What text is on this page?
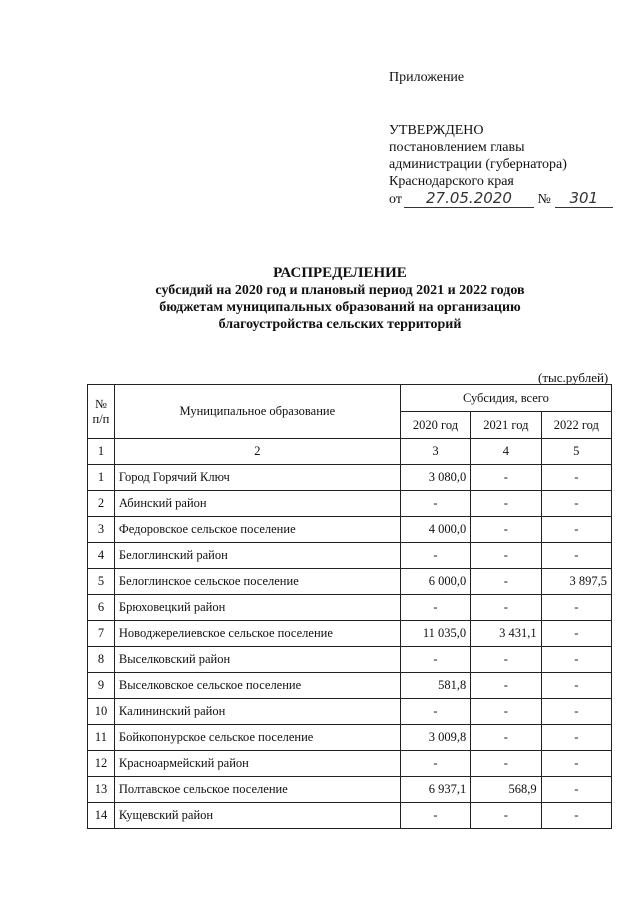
Приложение
УТВЕРЖДЕНО
постановлением главы
администрации (губернатора)
Краснодарского края
от 27.05.2020 № 301
РАСПРЕДЕЛЕНИЕ
субсидий на 2020 год и плановый период 2021 и 2022 годов
бюджетам муниципальных образований на организацию
благоустройства сельских территорий
(тыс.рублей)
№ п/п	Муниципальное образование	Субсидия, всего		
		2020 год	2021 год	2022 год
1	2	3	4	5
1	Город Горячий Ключ	3 080,0	-	-
2	Абинский район	-	-	-
3	Федоровское сельское поселение	4 000,0	-	-
4	Белоглинский район	-	-	-
5	Белоглинское сельское поселение	6 000,0	-	3 897,5
6	Брюховецкий район	-	-	-
7	Новоджерелиевское сельское поселение	11 035,0	3 431,1	-
8	Выселковский район	-	-	-
9	Выселковское сельское поселение	581,8	-	-
10	Калининский район	-	-	-
11	Бойкопонурское сельское поселение	3 009,8	-	-
12	Красноармейский район	-	-	-
13	Полтавское сельское поселение	6 937,1	568,9	-
14	Кущевский район	-	-	-
